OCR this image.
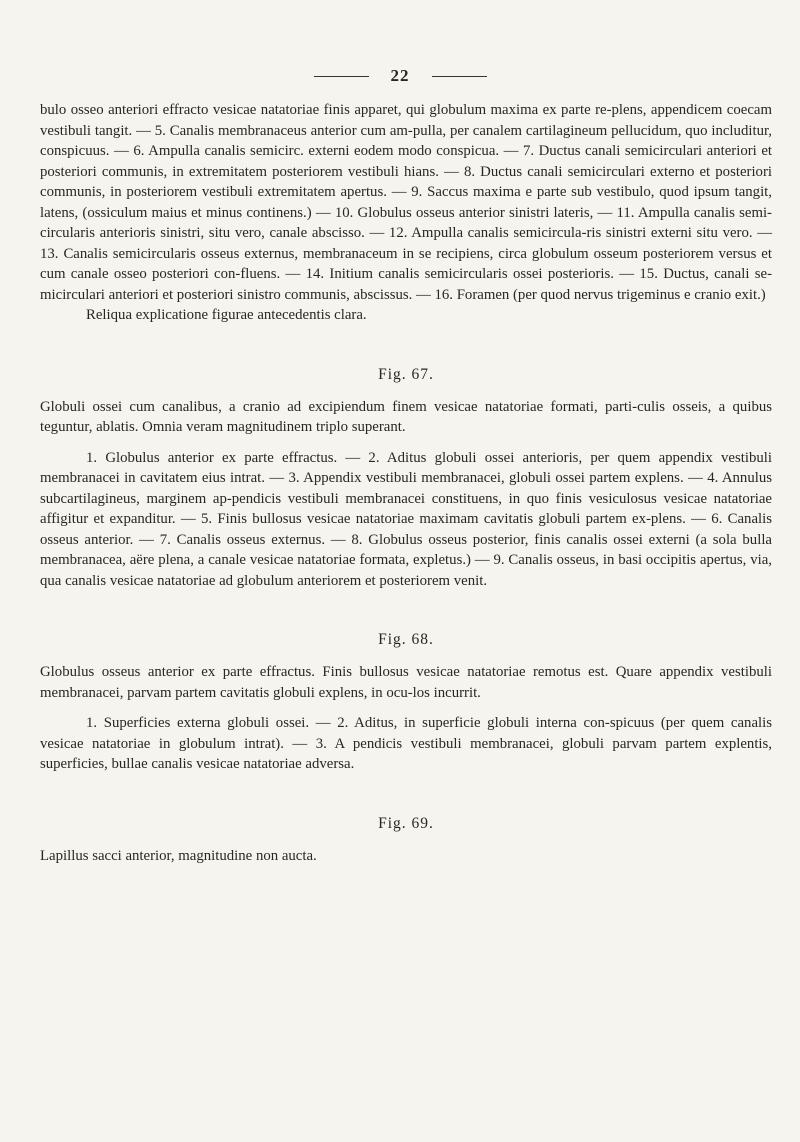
22

bulo osseo anteriori effracto vesicae natatoriae finis apparet, qui globulum maxima ex parte re-plens, appendicem coecam vestibuli tangit. — 5. Canalis membranaceus anterior cum am-pulla, per canalem cartilagineum pellucidum, quo includitur, conspicuus. — 6. Ampulla canalis semicirc. externi eodem modo conspicua. — 7. Ductus canali semicirculari anteriori et posteriori communis, in extremitatem posteriorem vestibuli hians. — 8. Ductus canali semicirculari externo et posteriori communis, in posteriorem vestibuli extremitatem apertus. — 9. Saccus maxima e parte sub vestibulo, quod ipsum tangit, latens, (ossiculum maius et minus continens.) — 10. Globulus osseus anterior sinistri lateris, — 11. Ampulla canalis semi-circularis anterioris sinistri, situ vero, canale abscisso. — 12. Ampulla canalis semicircula-ris sinistri externi situ vero. — 13. Canalis semicircularis osseus externus, membranaceum in se recipiens, circa globulum osseum posteriorem versus et cum canale osseo posteriori con-fluens. — 14. Initium canalis semicircularis ossei posterioris. — 15. Ductus, canali se-micirculari anteriori et posteriori sinistro communis, abscissus. — 16. Foramen (per quod nervus trigeminus e cranio exit.)

Reliqua explicatione figurae antecedentis clara.

Fig. 67.

Globuli ossei cum canalibus, a cranio ad excipiendum finem vesicae natatoriae formati, parti-culis osseis, a quibus teguntur, ablatis. Omnia veram magnitudinem triplo superant.

1. Globulus anterior ex parte effractus. — 2. Aditus globuli ossei anterioris, per quem appendix vestibuli membranacei in cavitatem eius intrat. — 3. Appendix vestibuli membranacei, globuli ossei partem explens. — 4. Annulus subcartilagineus, marginem ap-pendicis vestibuli membranacei constituens, in quo finis vesiculosus vesicae natatoriae affigitur et expanditur. — 5. Finis bullosus vesicae natatoriae maximam cavitatis globuli partem ex-plens. — 6. Canalis osseus anterior. — 7. Canalis osseus externus. — 8. Globulus osseus posterior, finis canalis ossei externi (a sola bulla membranacea, aëre plena, a canale vesicae natatoriae formata, expletus.) — 9. Canalis osseus, in basi occipitis apertus, via, qua canalis vesicae natatoriae ad globulum anteriorem et posteriorem venit.

Fig. 68.

Globulus osseus anterior ex parte effractus. Finis bullosus vesicae natatoriae remotus est. Quare appendix vestibuli membranacei, parvam partem cavitatis globuli explens, in ocu-los incurrit.

1. Superficies externa globuli ossei. — 2. Aditus, in superficie globuli interna con-spicuus (per quem canalis vesicae natatoriae in globulum intrat). — 3. A pendicis vestibuli membranacei, globuli parvam partem explentis, superficies, bullae canalis vesicae natatoriae adversa.

Fig. 69.

Lapillus sacci anterior, magnitudine non aucta.
